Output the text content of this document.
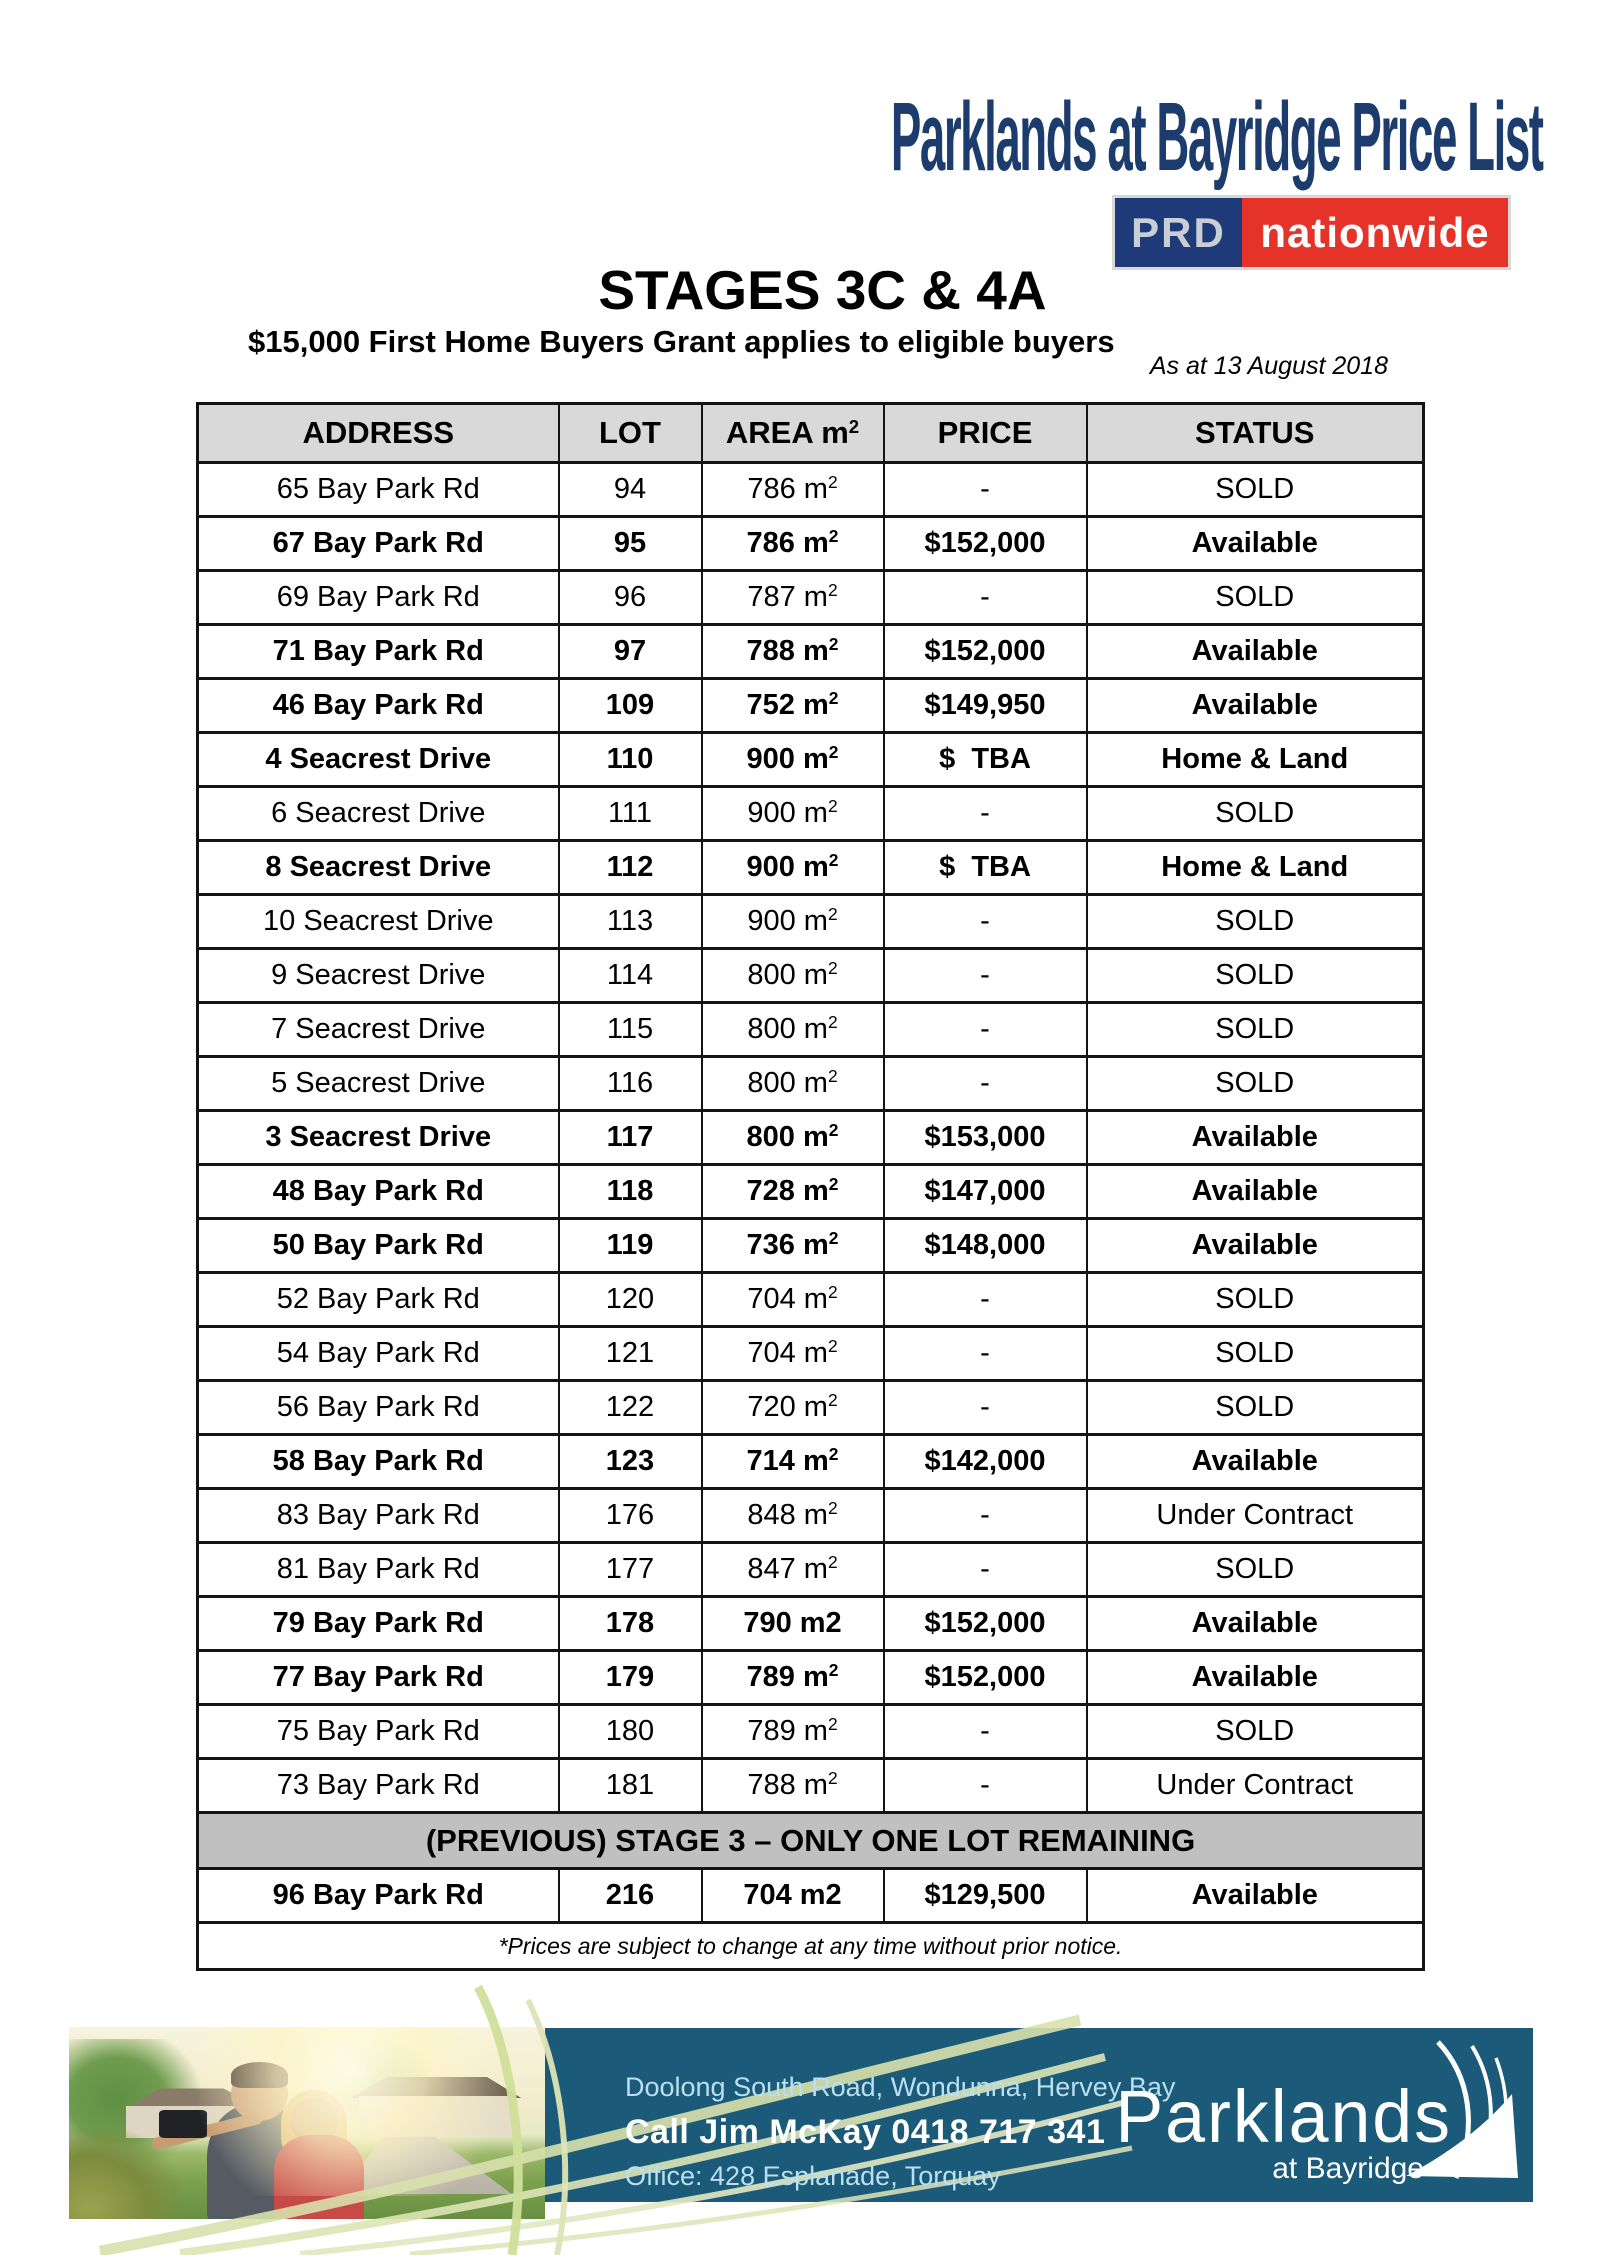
Parklands at Bayridge Price List
PRD nationwide
STAGES 3C & 4A
$15,000 First Home Buyers Grant applies to eligible buyers
As at 13 August 2018
ADDRESS	LOT	AREA $m^2$	PRICE	STATUS
65 Bay Park Rd	94	786 $m^2$	-	SOLD
67 Bay Park Rd	95	786 $m^2$	$152,000	Available
69 Bay Park Rd	96	787 $m^2$	-	SOLD
71 Bay Park Rd	97	788 $m^2$	$152,000	Available
46 Bay Park Rd	109	752 $m^2$	$149,950	Available
4 Seacrest Drive	110	900 $m^2$	$  TBA	Home & Land
6 Seacrest Drive	111	900 $m^2$	-	SOLD
8 Seacrest Drive	112	900 $m^2$	$  TBA	Home & Land
10 Seacrest Drive	113	900 $m^2$	-	SOLD
9 Seacrest Drive	114	800 $m^2$	-	SOLD
7 Seacrest Drive	115	800 $m^2$	-	SOLD
5 Seacrest Drive	116	800 $m^2$	-	SOLD
3 Seacrest Drive	117	800 $m^2$	$153,000	Available
48 Bay Park Rd	118	728 $m^2$	$147,000	Available
50 Bay Park Rd	119	736 $m^2$	$148,000	Available
52 Bay Park Rd	120	704 $m^2$	-	SOLD
54 Bay Park Rd	121	704 $m^2$	-	SOLD
56 Bay Park Rd	122	720 $m^2$	-	SOLD
58 Bay Park Rd	123	714 $m^2$	$142,000	Available
83 Bay Park Rd	176	848 $m^2$	-	Under Contract
81 Bay Park Rd	177	847 $m^2$	-	SOLD
79 Bay Park Rd	178	790 m2	$152,000	Available
77 Bay Park Rd	179	789 $m^2$	$152,000	Available
75 Bay Park Rd	180	789 $m^2$	-	SOLD
73 Bay Park Rd	181	788 $m^2$	-	Under Contract
(PREVIOUS) STAGE 3 – ONLY ONE LOT REMAINING				
96 Bay Park Rd	216	704 m2	$129,500	Available
*Prices are subject to change at any time without prior notice.				

Doolong South Road, Wondunna, Hervey Bay

Call Jim McKay 0418 717 341

Office: 428 Esplanade, Torquay

Parklands
at Bayridge
